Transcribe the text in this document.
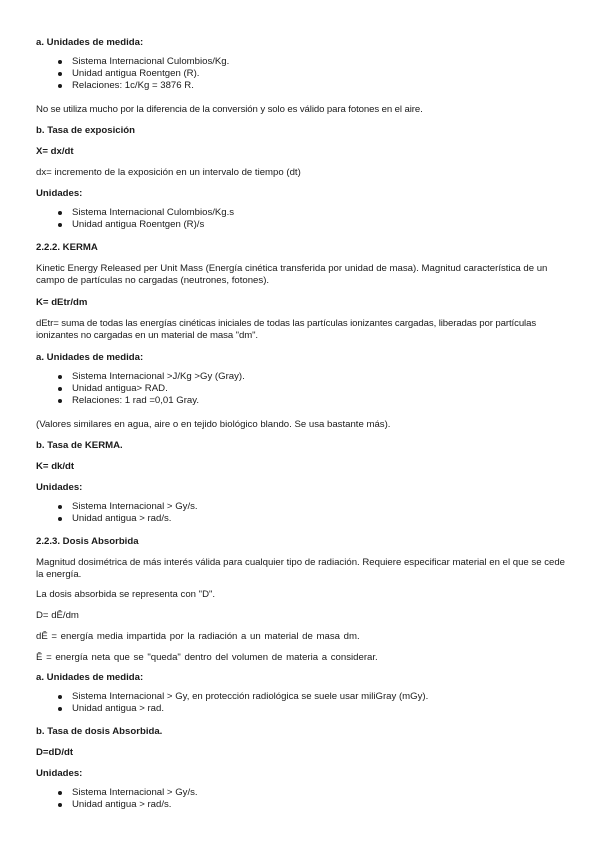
a. Unidades de medida:

Sistema Internacional Culombios/Kg.
Unidad antigua Roentgen (R).
Relaciones: 1c/Kg = 3876 R.

No se utiliza mucho por la diferencia de la conversión y solo es válido para fotones en el aire.

b. Tasa de exposición

X= dx/dt

dx= incremento de la exposición en un intervalo de tiempo (dt)

Unidades:

Sistema Internacional Culombios/Kg.s
Unidad antigua Roentgen (R)/s

2.2.2. KERMA

Kinetic Energy Released per Unit Mass (Energía cinética transferida por unidad de masa). Magnitud característica de un campo de partículas no cargadas (neutrones, fotones).

K= dEtr/dm

dEtr= suma de todas las energías cinéticas iniciales de todas las partículas ionizantes cargadas, liberadas por partículas ionizantes no cargadas en un material de masa "dm".

a. Unidades de medida:

Sistema Internacional >J/Kg >Gy (Gray).
Unidad antigua> RAD.
Relaciones: 1 rad =0,01 Gray.

(Valores similares en agua, aire o en tejido biológico blando. Se usa bastante más).

b. Tasa de KERMA.

K= dk/dt

Unidades:

Sistema Internacional > Gy/s.
Unidad antigua > rad/s.

2.2.3. Dosis Absorbida

Magnitud dosimétrica de más interés válida para cualquier tipo de radiación. Requiere especificar material en el que se cede la energía.

La dosis absorbida se representa con "D".

D= dÊ/dm

dÊ = energía media impartida por la radiación a un material de masa dm.

Ê = energía neta que se "queda" dentro del volumen de materia a considerar.

a. Unidades de medida:

Sistema Internacional > Gy, en protección radiológica se suele usar miliGray (mGy).
Unidad antigua > rad.

b. Tasa de dosis Absorbida.

D=dD/dt

Unidades:

Sistema Internacional > Gy/s.
Unidad antigua > rad/s.
